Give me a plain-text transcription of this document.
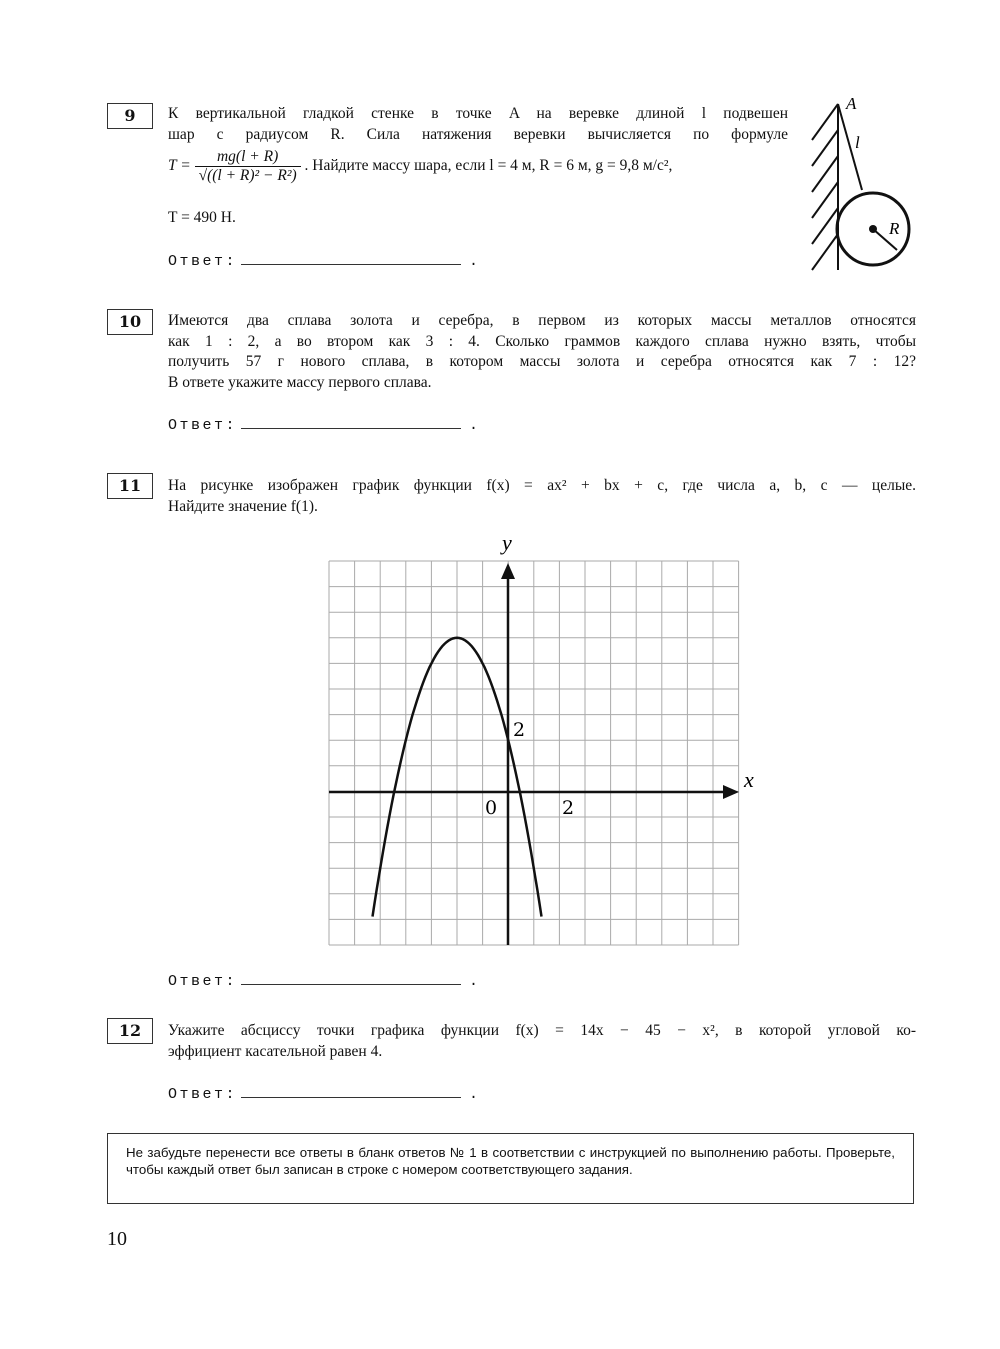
9	К вертикальной гладкой стенке в точке A на веревке длиной l подвешен
шар с радиусом R. Сила натяжения веревки вычисляется по формуле
$T = \frac{mg(l + R)}{\text{√((l + R)² − R²)}}$ . Найдите массу шара, если l = 4 м, R = 6 м, g = 9,8 м/с²,
T = 490 Н.
Ответ:	.
A
l
R
10	Имеются два сплава золота и серебра, в первом из которых массы металлов относятся
как 1 : 2, а во втором как 3 : 4. Сколько граммов каждого сплава нужно взять, чтобы
получить 57 г нового сплава, в котором массы золота и серебра относятся как 7 : 12?
В ответе укажите массу первого сплава.
Ответ:	.
11	На рисунке изображен график функции f(x) = ax² + bx + c, где числа a, b, c — целые.
Найдите значение f(1).
y
x
0	2
2
Ответ:	.
12	Укажите абсциссу точки графика функции f(x) = 14x − 45 − x², в которой угловой ко-
эффициент касательной равен 4.
Ответ:	.
Не забудьте перенести все ответы в бланк ответов № 1 в соответствии с инструкцией по выполнению работы. Проверьте, чтобы каждый ответ был записан в строке с номером соответствующего задания.
10
